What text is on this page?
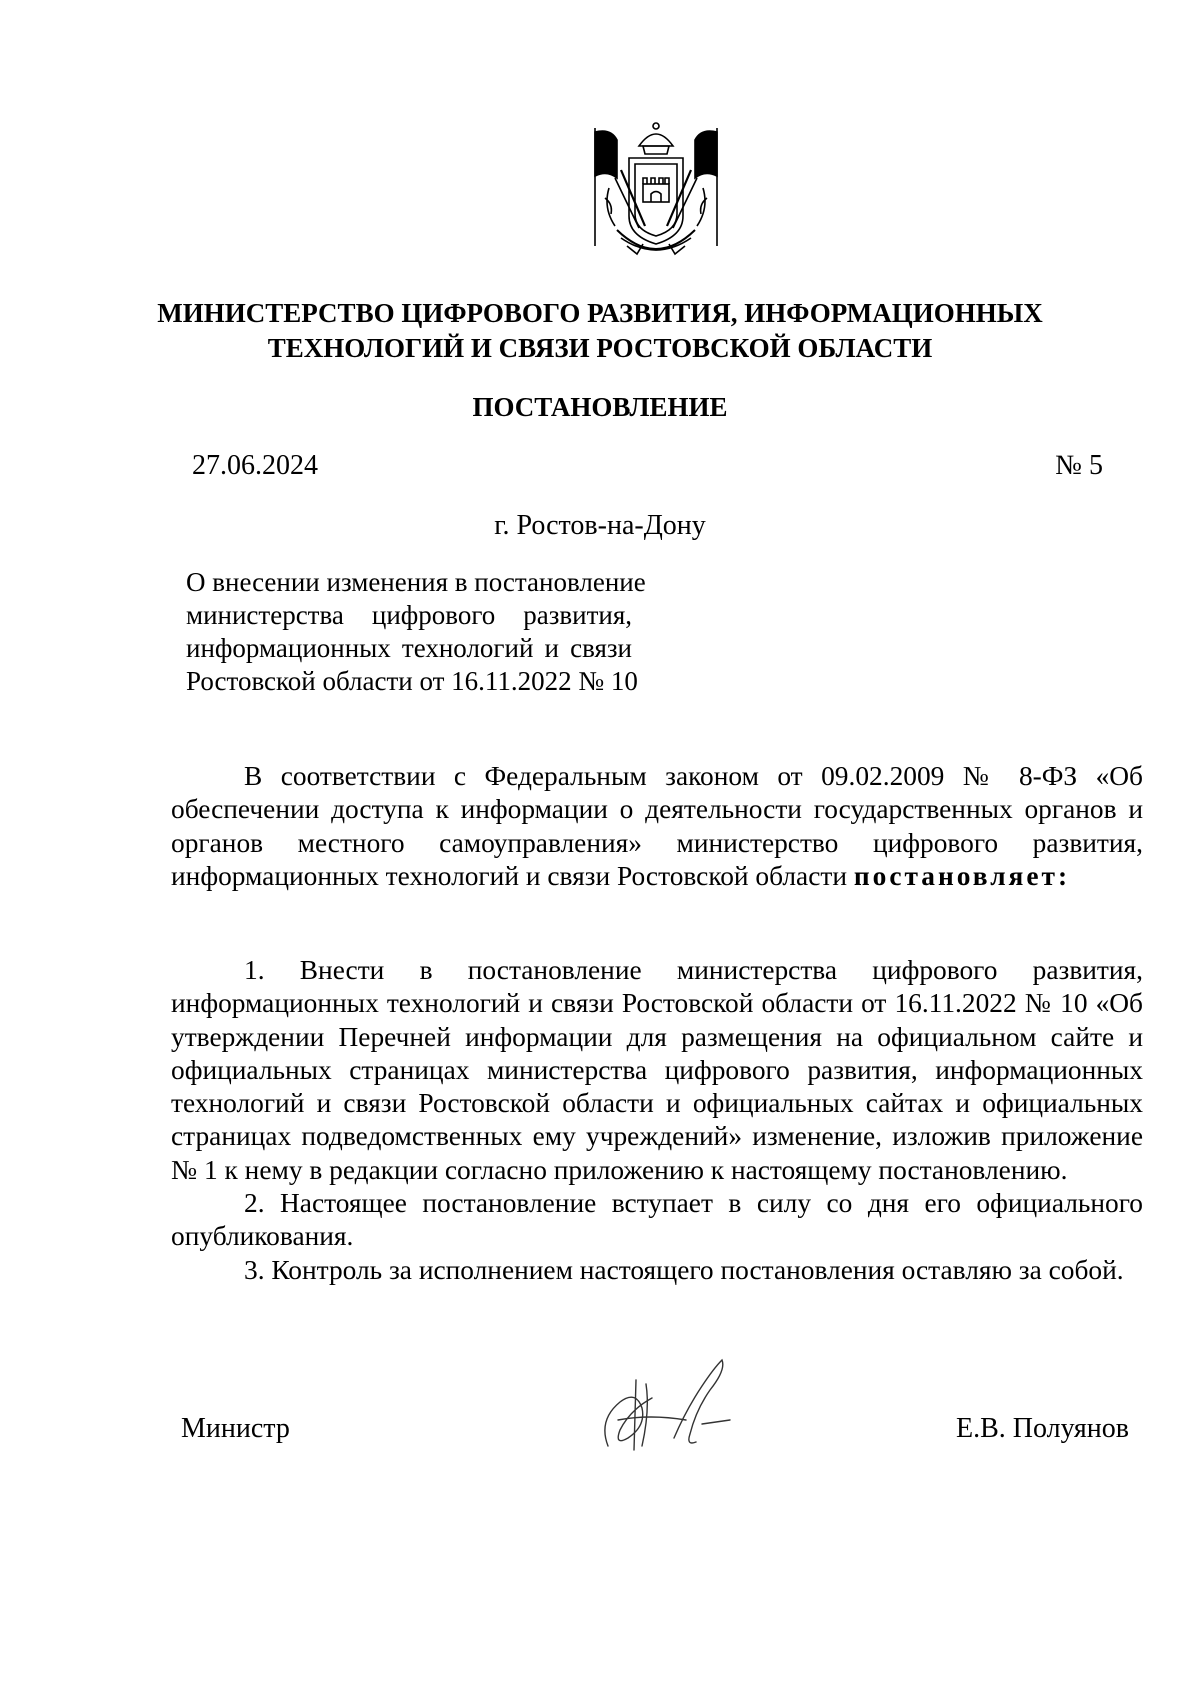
МИНИСТЕРСТВО ЦИФРОВОГО РАЗВИТИЯ, ИНФОРМАЦИОННЫХ
ТЕХНОЛОГИЙ И СВЯЗИ РОСТОВСКОЙ ОБЛАСТИ
ПОСТАНОВЛЕНИЕ
27.06.2024	№ 5
г. Ростов-на-Дону
О внесении изменения в постановление
министерства цифрового развития,
информационных технологий и связи
Ростовской области от 16.11.2022 № 10

В соответствии с Федеральным законом от 09.02.2009 № 8-ФЗ «Об обеспечении доступа к информации о деятельности государственных органов и органов местного самоуправления» министерство цифрового развития, информационных технологий и связи Ростовской области постановляет:

1. Внести в постановление министерства цифрового развития, информационных технологий и связи Ростовской области от 16.11.2022 № 10 «Об утверждении Перечней информации для размещения на официальном сайте и официальных страницах министерства цифрового развития, информационных технологий и связи Ростовской области и официальных сайтах и официальных страницах подведомственных ему учреждений» изменение, изложив приложение № 1 к нему в редакции согласно приложению к настоящему постановлению.

2. Настоящее постановление вступает в силу со дня его официального опубликования.

3. Контроль за исполнением настоящего постановления оставляю за собой.

Министр	Е.В. Полуянов
